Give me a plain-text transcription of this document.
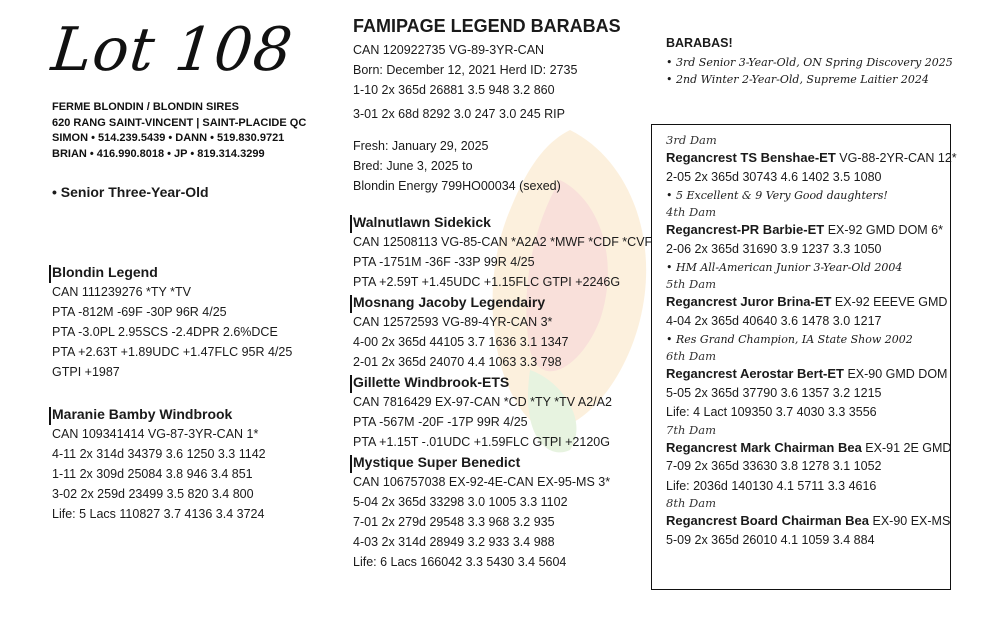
Lot 108
FERME BLONDIN / BLONDIN SIRES
620 RANG SAINT-VINCENT | SAINT-PLACIDE QC
SIMON • 514.239.5439 • DANN • 519.830.9721
BRIAN • 416.990.8018 • JP • 819.314.3299
• Senior Three-Year-Old
Blondin Legend
CAN 111239276 *TY *TV
PTA -812M -69F -30P 96R 4/25
PTA -3.0PL 2.95SCS -2.4DPR 2.6%DCE
PTA +2.63T +1.89UDC +1.47FLC 95R 4/25
GTPI +1987
Maranie Bamby Windbrook
CAN 109341414 VG-87-3YR-CAN 1*
4-11 2x 314d 34379 3.6 1250 3.3 1142
1-11 2x 309d 25084 3.8 946 3.4 851
3-02 2x 259d 23499 3.5 820 3.4 800
Life: 5 Lacs 110827 3.7 4136 3.4 3724
FAMIPAGE LEGEND BARABAS
CAN 120922735 VG-89-3YR-CAN
Born: December 12, 2021 Herd ID: 2735
1-10 2x 365d 26881 3.5 948 3.2 860
3-01 2x 68d 8292 3.0 247 3.0 245 RIP
Fresh: January 29, 2025
Bred: June 3, 2025 to
Blondin Energy 799HO00034 (sexed)
Walnutlawn Sidekick
CAN 12508113 VG-85-CAN *A2A2 *MWF *CDF *CVF
PTA -1751M -36F -33P 99R 4/25
PTA +2.59T +1.45UDC +1.15FLC GTPI +2246G
Mosnang Jacoby Legendairy
CAN 12572593 VG-89-4YR-CAN 3*
4-00 2x 365d 44105 3.7 1636 3.1 1347
2-01 2x 365d 24070 4.4 1063 3.3 798
Gillette Windbrook-ETS
CAN 7816429 EX-97-CAN *CD *TY *TV A2/A2
PTA -567M -20F -17P 99R 4/25
PTA +1.15T -.01UDC +1.59FLC GTPI +2120G
Mystique Super Benedict
CAN 106757038 EX-92-4E-CAN EX-95-MS 3*
5-04 2x 365d 33298 3.0 1005 3.3 1102
7-01 2x 279d 29548 3.3 968 3.2 935
4-03 2x 314d 28949 3.2 933 3.4 988
Life: 6 Lacs 166042 3.3 5430 3.4 5604
BARABAS!
• 3rd Senior 3-Year-Old, ON Spring Discovery 2025
• 2nd Winter 2-Year-Old, Supreme Laitier 2024
3rd Dam
Regancrest TS Benshae-ET VG-88-2YR-CAN 12*
2-05 2x 365d 30743 4.6 1402 3.5 1080
• 5 Excellent & 9 Very Good daughters!
4th Dam
Regancrest-PR Barbie-ET EX-92 GMD DOM 6*
2-06 2x 365d 31690 3.9 1237 3.3 1050
• HM All-American Junior 3-Year-Old 2004
5th Dam
Regancrest Juror Brina-ET EX-92 EEEVE GMD
4-04 2x 365d 40640 3.6 1478 3.0 1217
• Res Grand Champion, IA State Show 2002
6th Dam
Regancrest Aerostar Bert-ET EX-90 GMD DOM
5-05 2x 365d 37790 3.6 1357 3.2 1215
Life: 4 Lact 109350 3.7 4030 3.3 3556
7th Dam
Regancrest Mark Chairman Bea EX-91 2E GMD
7-09 2x 365d 33630 3.8 1278 3.1 1052
Life: 2036d 140130 4.1 5711 3.3 4616
8th Dam
Regancrest Board Chairman Bea EX-90 EX-MS
5-09 2x 365d 26010 4.1 1059 3.4 884
